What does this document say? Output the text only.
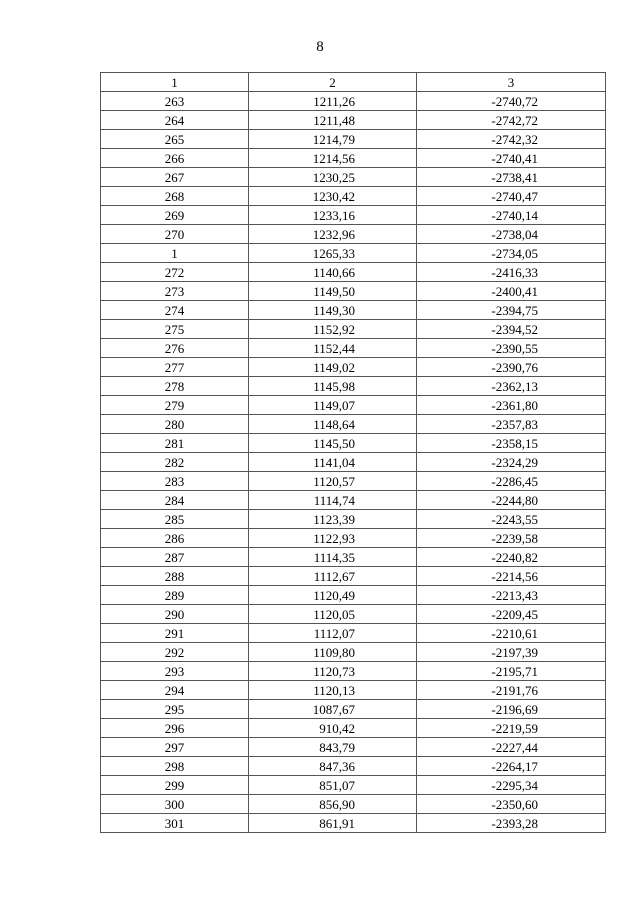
8
1	2	3
263	1211,26	-2740,72
264	1211,48	-2742,72
265	1214,79	-2742,32
266	1214,56	-2740,41
267	1230,25	-2738,41
268	1230,42	-2740,47
269	1233,16	-2740,14
270	1232,96	-2738,04
1	1265,33	-2734,05
272	1140,66	-2416,33
273	1149,50	-2400,41
274	1149,30	-2394,75
275	1152,92	-2394,52
276	1152,44	-2390,55
277	1149,02	-2390,76
278	1145,98	-2362,13
279	1149,07	-2361,80
280	1148,64	-2357,83
281	1145,50	-2358,15
282	1141,04	-2324,29
283	1120,57	-2286,45
284	1114,74	-2244,80
285	1123,39	-2243,55
286	1122,93	-2239,58
287	1114,35	-2240,82
288	1112,67	-2214,56
289	1120,49	-2213,43
290	1120,05	-2209,45
291	1112,07	-2210,61
292	1109,80	-2197,39
293	1120,73	-2195,71
294	1120,13	-2191,76
295	1087,67	-2196,69
296	910,42	-2219,59
297	843,79	-2227,44
298	847,36	-2264,17
299	851,07	-2295,34
300	856,90	-2350,60
301	861,91	-2393,28
